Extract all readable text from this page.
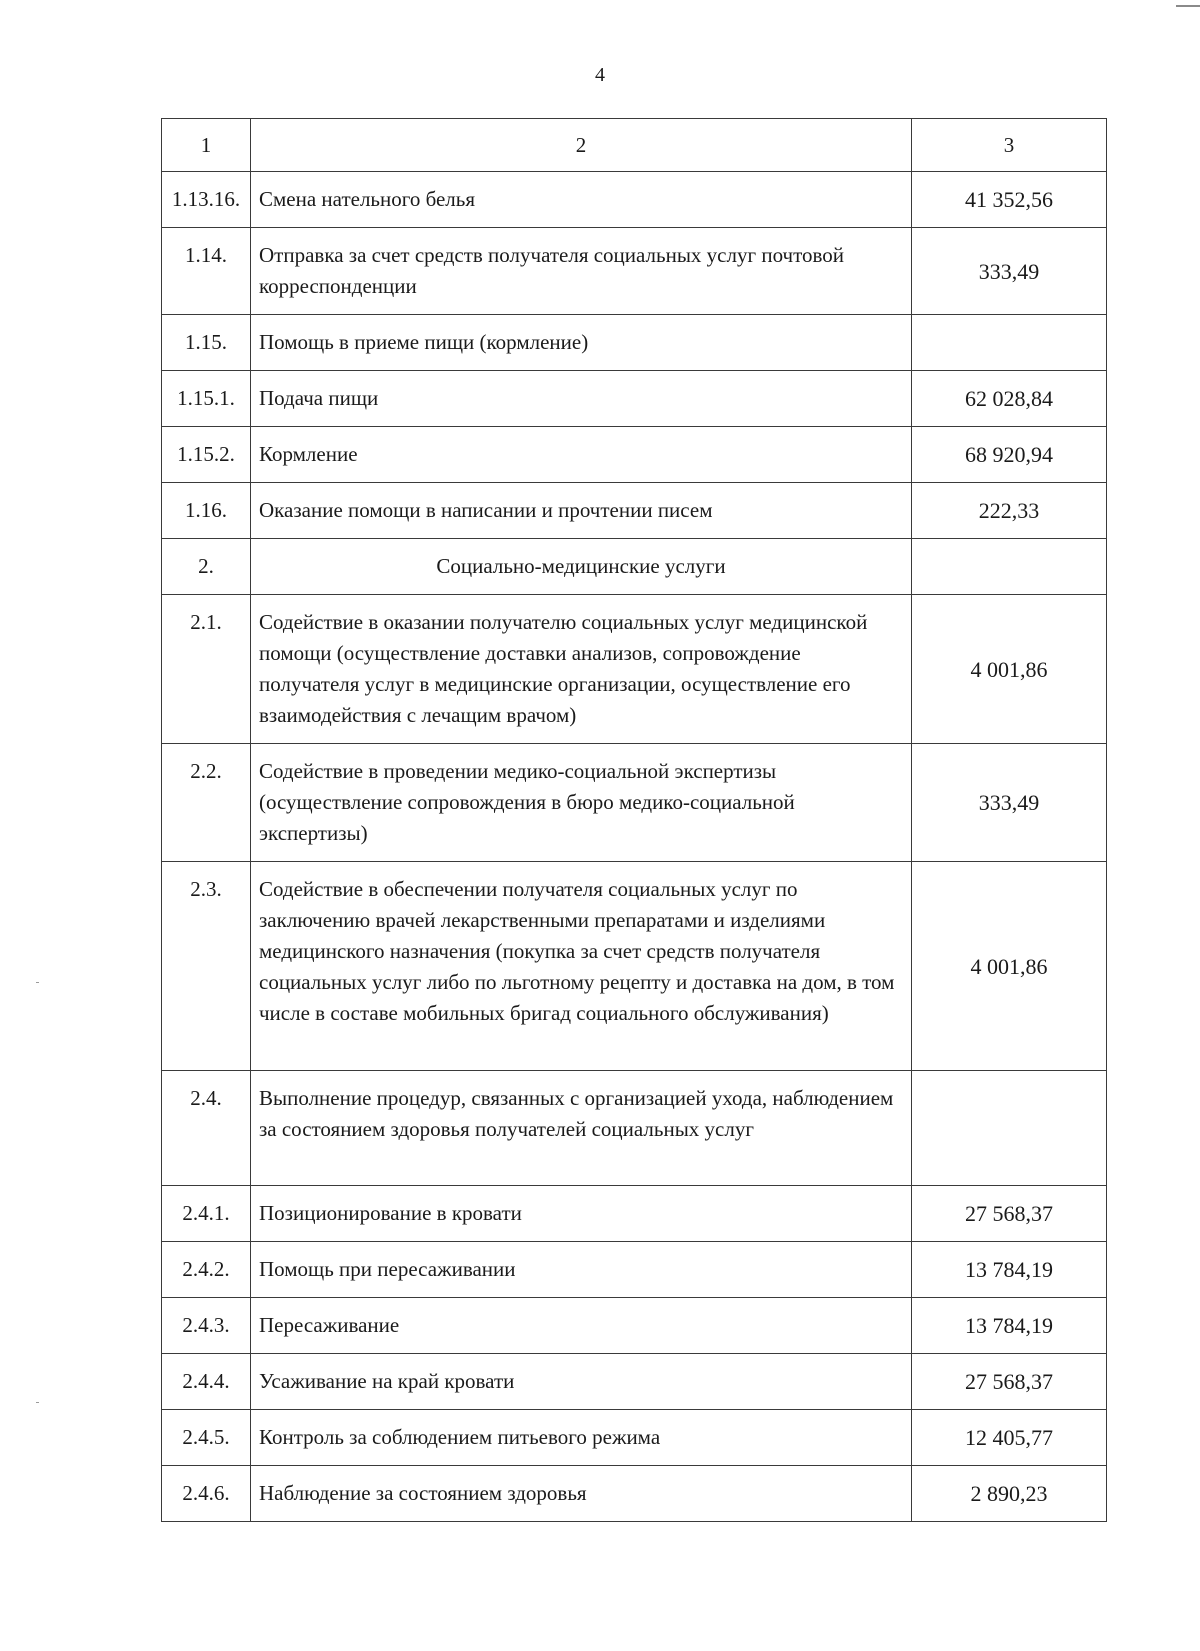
4
1	2	3
1.13.16.	Смена нательного белья	41 352,56
1.14.	Отправка за счет средств получателя социальных услуг почтовой корреспонденции	333,49
1.15.	Помощь в приеме пищи (кормление)	
1.15.1.	Подача пищи	62 028,84
1.15.2.	Кормление	68 920,94
1.16.	Оказание помощи в написании и прочтении писем	222,33
2.	Социально-медицинские услуги	
2.1.	Содействие в оказании получателю социальных услуг медицинской помощи (осуществление доставки анализов, сопровождение получателя услуг в медицинские организации, осуществление его взаимодействия с лечащим врачом)	4 001,86
2.2.	Содействие в проведении медико-социальной экспертизы (осуществление сопровождения в бюро медико-социальной экспертизы)	333,49
2.3.	Содействие в обеспечении получателя социальных услуг по заключению врачей лекарственными препаратами и изделиями медицинского назначения (покупка за счет средств получателя социальных услуг либо по льготному рецепту и доставка на дом, в том числе в составе мобильных бригад социального обслуживания)	4 001,86
2.4.	Выполнение процедур, связанных с организацией ухода, наблюдением за состоянием здоровья получателей социальных услуг	
2.4.1.	Позиционирование в кровати	27 568,37
2.4.2.	Помощь при пересаживании	13 784,19
2.4.3.	Пересаживание	13 784,19
2.4.4.	Усаживание на край кровати	27 568,37
2.4.5.	Контроль за соблюдением питьевого режима	12 405,77
2.4.6.	Наблюдение за состоянием здоровья	2 890,23
